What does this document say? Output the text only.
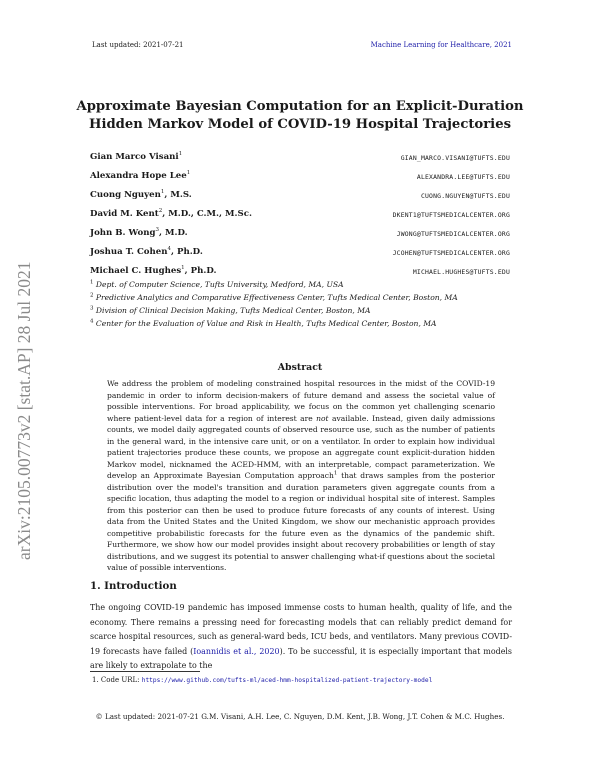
Last updated: 2021-07-21	Machine Learning for Healthcare, 2021
arXiv:2105.00773v2 [stat.AP] 28 Jul 2021
Approximate Bayesian Computation for an Explicit-Duration
Hidden Markov Model of COVID-19 Hospital Trajectories
Gian Marco Visani$^1$	GIAN_MARCO.VISANI@TUFTS.EDU
Alexandra Hope Lee$^1$	ALEXANDRA.LEE@TUFTS.EDU
Cuong Nguyen$^1$, M.S.	CUONG.NGUYEN@TUFTS.EDU
David M. Kent$^2$, M.D., C.M., M.Sc.	DKENT1@TUFTSMEDICALCENTER.ORG
John B. Wong$^3$, M.D.	JWONG@TUFTSMEDICALCENTER.ORG
Joshua T. Cohen$^4$, Ph.D.	JCOHEN@TUFTSMEDICALCENTER.ORG
Michael C. Hughes$^1$, Ph.D.	MICHAEL.HUGHES@TUFTS.EDU
$^1$ Dept. of Computer Science, Tufts University, Medford, MA, USA
$^2$ Predictive Analytics and Comparative Effectiveness Center, Tufts Medical Center, Boston, MA
$^3$ Division of Clinical Decision Making, Tufts Medical Center, Boston, MA
$^4$ Center for the Evaluation of Value and Risk in Health, Tufts Medical Center, Boston, MA
Abstract
We address the problem of modeling constrained hospital resources in the midst of the COVID-19 pandemic in order to inform decision-makers of future demand and assess the societal value of possible interventions. For broad applicability, we focus on the common yet challenging scenario where patient-level data for a region of interest are not available. Instead, given daily admissions counts, we model daily aggregated counts of observed resource use, such as the number of patients in the general ward, in the intensive care unit, or on a ventilator. In order to explain how individual patient trajectories produce these counts, we propose an aggregate count explicit-duration hidden Markov model, nicknamed the ACED-HMM, with an interpretable, compact parameterization. We develop an Approximate Bayesian Computation approach$^1$ that draws samples from the posterior distribution over the model's transition and duration parameters given aggregate counts from a specific location, thus adapting the model to a region or individual hospital site of interest. Samples from this posterior can then be used to produce future forecasts of any counts of interest. Using data from the United States and the United Kingdom, we show our mechanistic approach provides competitive probabilistic forecasts for the future even as the dynamics of the pandemic shift. Furthermore, we show how our model provides insight about recovery probabilities or length of stay distributions, and we suggest its potential to answer challenging what-if questions about the societal value of possible interventions.
1. Introduction
The ongoing COVID-19 pandemic has imposed immense costs to human health, quality of life, and the economy. There remains a pressing need for forecasting models that can reliably predict demand for scarce hospital resources, such as general-ward beds, ICU beds, and ventilators. Many previous COVID-19 forecasts have failed (Ioannidis et al., 2020). To be successful, it is especially important that models are likely to extrapolate to the
1. Code URL: https://www.github.com/tufts-ml/aced-hmm-hospitalized-patient-trajectory-model
© Last updated: 2021-07-21 G.M. Visani, A.H. Lee, C. Nguyen, D.M. Kent, J.B. Wong, J.T. Cohen & M.C. Hughes.
